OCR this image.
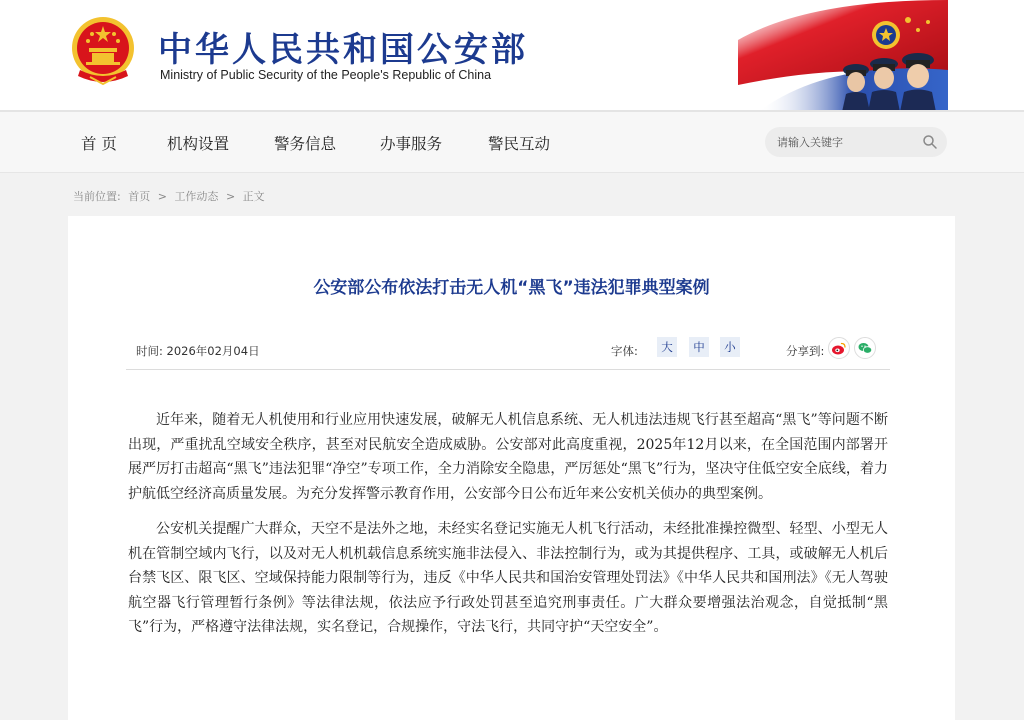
中华人民共和国公安部
Ministry of Public Security of the People's Republic of China
首 页	机构设置	警务信息	办事服务	警民互动
请输入关键字
当前位置: 首页 > 工作动态 > 正文
公安部公布依法打击无人机“黑飞”违法犯罪典型案例
时间: 2026年02月04日	字体:	大	中	小	分享到:

近年来，随着无人机使用和行业应用快速发展，破解无人机信息系统、无人机违法违规飞行甚至超高“黑飞”等问题不断出现，严重扰乱空域安全秩序，甚至对民航安全造成威胁。公安部对此高度重视，2025年12月以来，在全国范围内部署开展严厉打击超高“黑飞”违法犯罪“净空”专项工作，全力消除安全隐患，严厉惩处“黑飞”行为，坚决守住低空安全底线，着力护航低空经济高质量发展。为充分发挥警示教育作用，公安部今日公布近年来公安机关侦办的典型案例。

公安机关提醒广大群众，天空不是法外之地，未经实名登记实施无人机飞行活动，未经批准操控微型、轻型、小型无人机在管制空域内飞行，以及对无人机机载信息系统实施非法侵入、非法控制行为，或为其提供程序、工具，或破解无人机后台禁飞区、限飞区、空域保持能力限制等行为，违反《中华人民共和国治安管理处罚法》《中华人民共和国刑法》《无人驾驶航空器飞行管理暂行条例》等法律法规，依法应予行政处罚甚至追究刑事责任。广大群众要增强法治观念，自觉抵制“黑飞”行为，严格遵守法律法规，实名登记，合规操作，守法飞行，共同守护“天空安全”。
